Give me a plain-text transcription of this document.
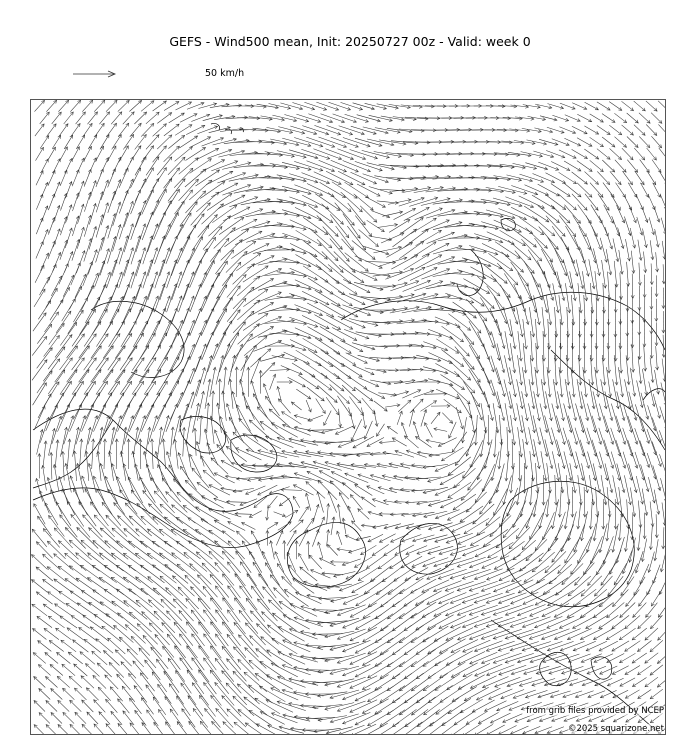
GEFS - Wind500 mean, Init: 20250727 00z - Valid: week 0
50 km/h
from grib files provided by NCEP
©2025 squarizone.net
